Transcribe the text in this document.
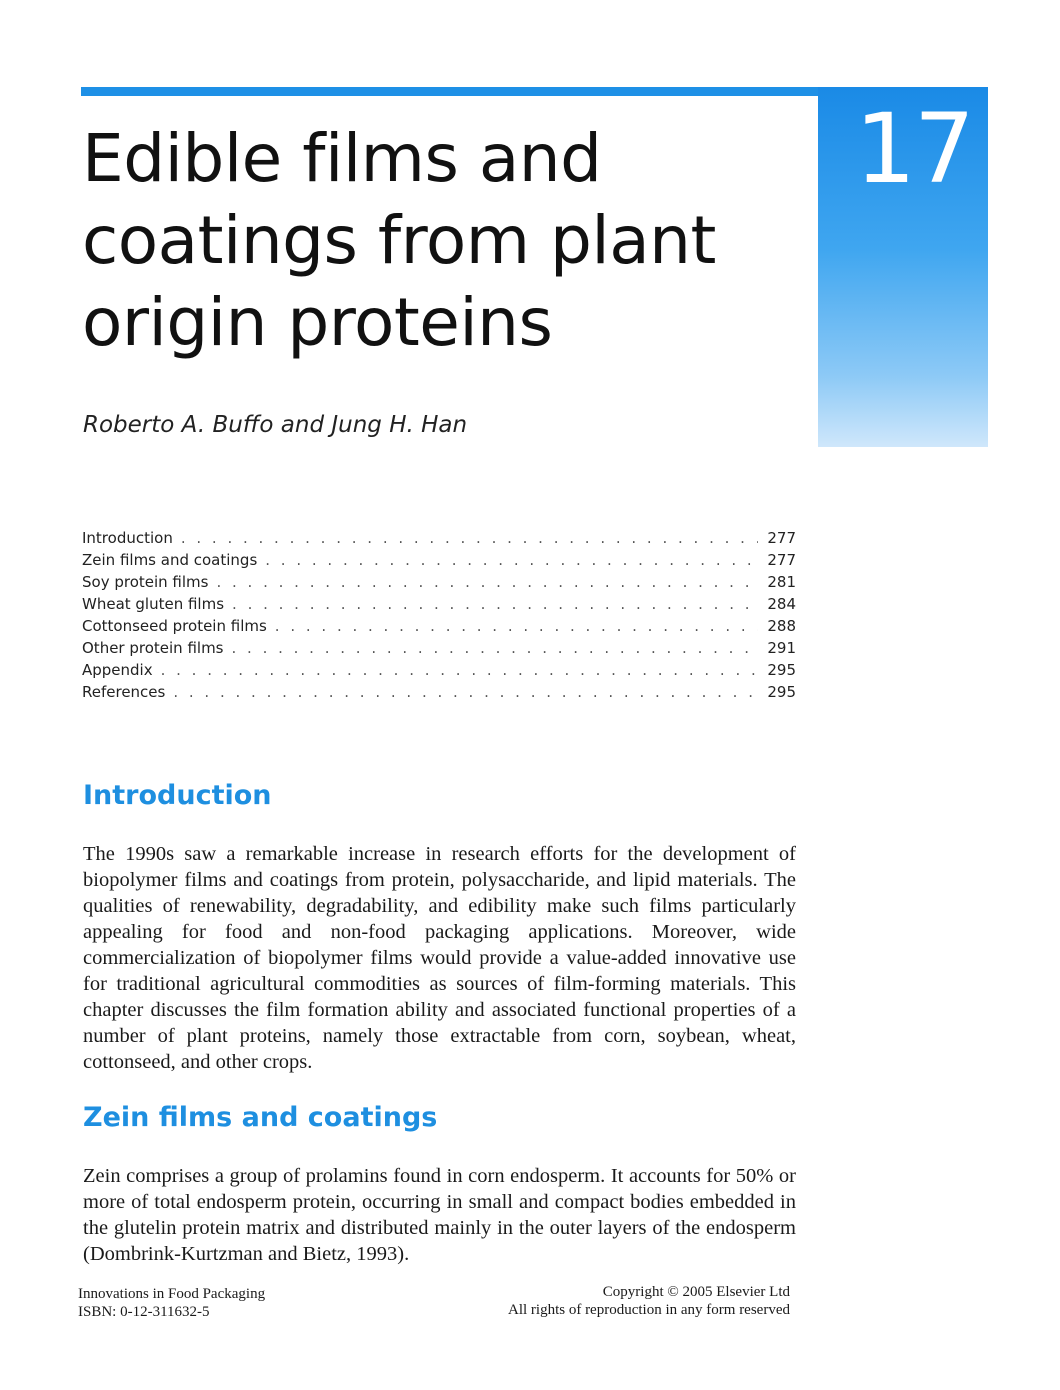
17
Edible films and coatings from plant origin proteins
Roberto A. Buffo and Jung H. Han
Introduction . . .	277
Zein films and coatings . . .	277
Soy protein films . . .	281
Wheat gluten films . . .	284
Cottonseed protein films . . .	288
Other protein films . . .	291
Appendix . . .	295
References . . .	295
Introduction

The 1990s saw a remarkable increase in research efforts for the development of biopolymer films and coatings from protein, polysaccharide, and lipid materials. The qualities of renewability, degradability, and edibility make such films particularly appealing for food and non-food packaging applications. Moreover, wide commercialization of biopolymer films would provide a value-added innovative use for traditional agricultural commodities as sources of film-forming materials. This chapter discusses the film formation ability and associated functional properties of a number of plant proteins, namely those extractable from corn, soybean, wheat, cottonseed, and other crops.

Zein films and coatings

Zein comprises a group of prolamins found in corn endosperm. It accounts for 50% or more of total endosperm protein, occurring in small and compact bodies embedded in the glutelin protein matrix and distributed mainly in the outer layers of the endosperm (Dombrink-Kurtzman and Bietz, 1993).

Innovations in Food Packaging
ISBN: 0-12-311632-5
Copyright © 2005 Elsevier Ltd
All rights of reproduction in any form reserved
